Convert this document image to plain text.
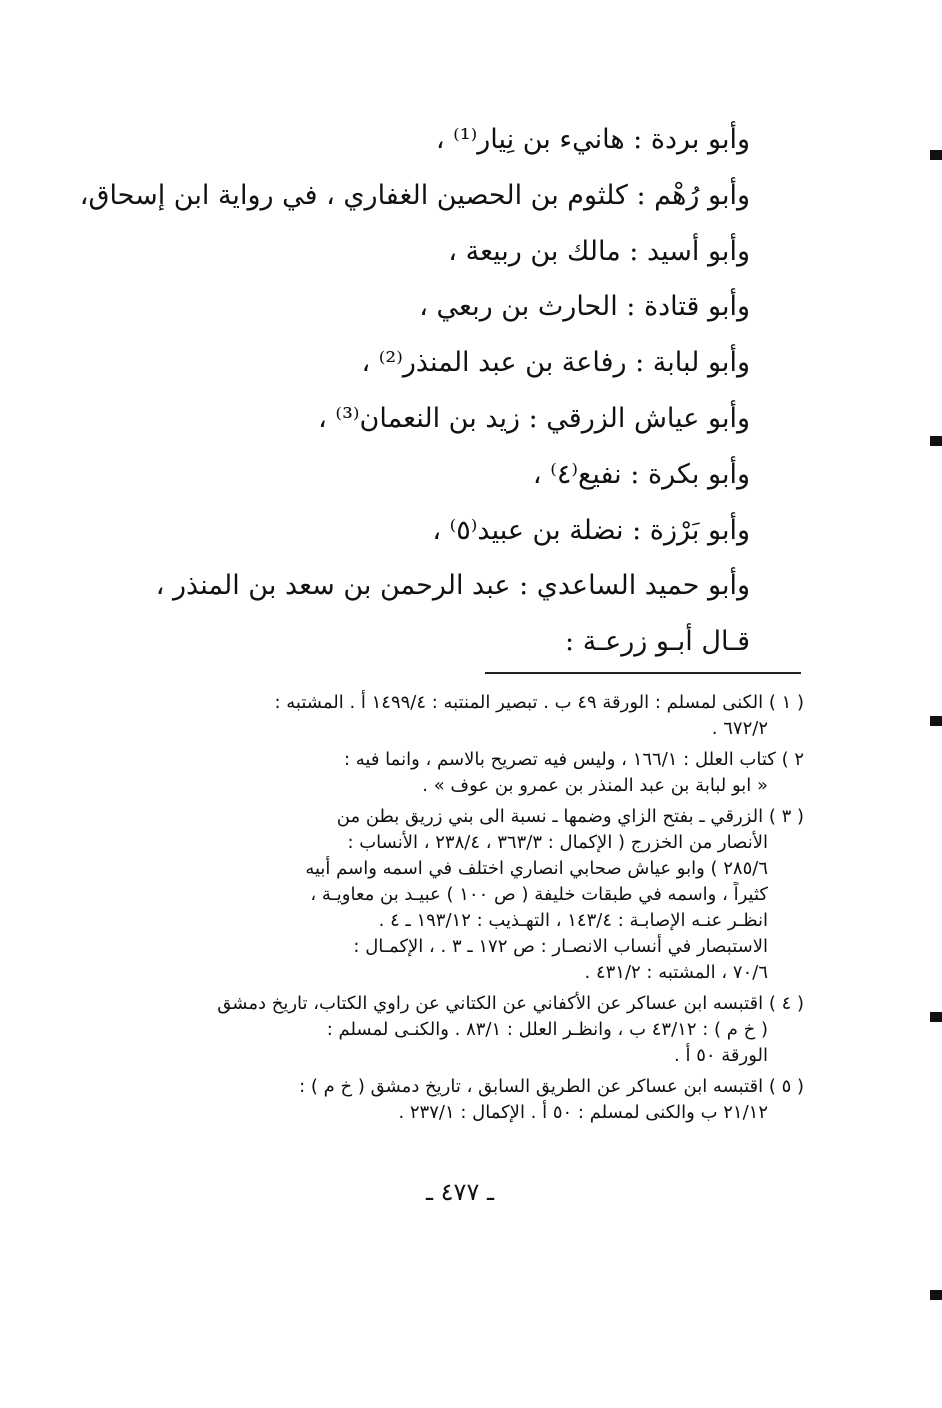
وأبو بردة : هانيء بن نِيار⁽¹⁾ ،
وأبو رُهْم : كلثوم بن الحصين الغفاري ، في رواية ابن إسحاق،
وأبو أسيد : مالك بن ربيعة ،
وأبو قتادة : الحارث بن ربعي ،
وأبو لبابة : رفاعة بن عبد المنذر⁽²⁾ ،
وأبو عياش الزرقي : زيد بن النعمان⁽³⁾ ،
وأبو بكرة : نفيع⁽٤⁾ ،
وأبو بَرْزة : نضلة بن عبيد⁽٥⁾ ،
وأبو حميد الساعدي : عبد الرحمن بن سعد بن المنذر ،
قـال أبـو زرعـة :
( ١ ) الكنى لمسلم : الورقة ٤٩ ب . تبصير المنتبه : ١٤٩٩/٤ أ . المشتبه :
٦٧٢/٢ .
٢ ) كتاب العلل : ١٦٦/١ ، وليس فيه تصريح بالاسم ، وانما فيه :
« ابو لبابة بن عبد المنذر بن عمرو بن عوف » .
( ٣ ) الزرقي ـ بفتح الزاي وضمها ـ نسبة الى بني زريق بطن من
الأنصار من الخزرج ( الإكمال : ٣٦٣/٣ ، ٢٣٨/٤ ، الأنساب :
٢٨٥/٦ ) وابو عياش صحابي انصاري اختلف في اسمه واسم أبيه
كثيراً ، واسمه في طبقات خليفة ( ص ١٠٠ ) عبيـد بن معاويـة ،
انظـر عنـه الإصابـة : ١٤٣/٤ ، التهـذيب : ١٩٣/١٢ ـ ٤ .
الاستبصار في أنساب الانصـار : ص ١٧٢ ـ ٣ . ، الإكمـال :
٧٠/٦ ، المشتبه : ٤٣١/٢ .
( ٤ ) اقتبسه ابن عساكر عن الأكفاني عن الكتاني عن راوي الكتاب، تاريخ دمشق
( خ م ) : ٤٣/١٢ ب ، وانظـر العلل : ٨٣/١ . والكنـى لمسلم :
الورقة ٥٠ أ .
( ٥ ) اقتبسه ابن عساكر عن الطريق السابق ، تاريخ دمشق ( خ م ) :
٢١/١٢ ب والكنى لمسلم : ٥٠ أ . الإكمال : ٢٣٧/١ .
ـ ٤٧٧ ـ
